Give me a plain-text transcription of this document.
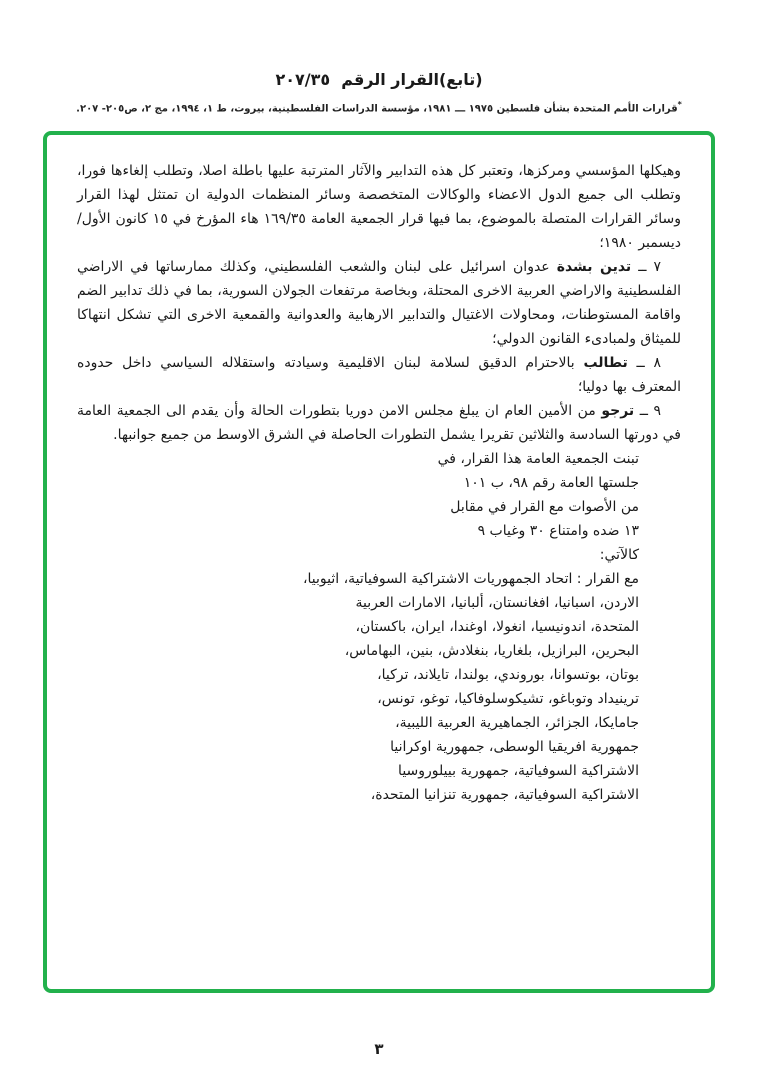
(تابع)القرار الرقم  ٢٠٧/٣٥
*قرارات الأمم المتحدة بشأن فلسطين ١٩٧٥ ـــ ١٩٨١، مؤسسة الدراسات الفلسطينية، بيروت، ط ١، ١٩٩٤، مج ٢، ص٢٠٥- ٢٠٧.

وهيكلها المؤسسي ومركزها، وتعتبر كل هذه التدابير والآثار المترتبة عليها باطلة اصلا، وتطلب إلغاءها فورا، وتطلب الى جميع الدول الاعضاء والوكالات المتخصصة وسائر المنظمات الدولية ان تمتثل لهذا القرار وسائر القرارات المتصلة بالموضوع، بما فيها قرار الجمعية العامة ١٦٩/٣٥ هاء المؤرخ في ١٥ كانون الأول/ديسمبر ١٩٨٠؛

٧ ــ تدين بشدة عدوان اسرائيل على لبنان والشعب الفلسطيني، وكذلك ممارساتها في الاراضي الفلسطينية والاراضي العربية الاخرى المحتلة، وبخاصة مرتفعات الجولان السورية، بما في ذلك تدابير الضم واقامة المستوطنات، ومحاولات الاغتيال والتدابير الارهابية والعدوانية والقمعية الاخرى التي تشكل انتهاكا للميثاق ولمبادىء القانون الدولي؛

٨ ــ تطالب بالاحترام الدقيق لسلامة لبنان الاقليمية وسيادته واستقلاله السياسي داخل حدوده المعترف بها دوليا؛

٩ ــ ترجو من الأمين العام ان يبلغ مجلس الامن دوريا بتطورات الحالة وأن يقدم الى الجمعية العامة في دورتها السادسة والثلاثين تقريرا يشمل التطورات الحاصلة في الشرق الاوسط من جميع جوانبها.

تبنت الجمعية العامة هذا القرار، في
جلستها العامة رقم ٩٨، ب ١٠١
من الأصوات مع القرار في مقابل
١٣ ضده وامتناع ٣٠ وغياب ٩
كالآتي:
مع القرار : اتحاد الجمهوريات الاشتراكية السوفياتية، اثيوبيا،
الاردن، اسبانيا، افغانستان، ألبانيا، الامارات العربية
المتحدة، اندونيسيا، انغولا، اوغندا، ايران، باكستان،
البحرين، البرازيل، بلغاريا، بنغلادش، بنين، البهاماس،
بوتان، بوتسوانا، بوروندي، بولندا، تايلاند، تركيا،
ترينيداد وتوباغو، تشيكوسلوفاكيا، توغو، تونس،
جامايكا، الجزائر، الجماهيرية العربية الليبية،
جمهورية افريقيا الوسطى، جمهورية اوكرانيا
الاشتراكية السوفياتية، جمهورية بييلوروسيا
الاشتراكية السوفياتية، جمهورية تنزانيا المتحدة،
٣
